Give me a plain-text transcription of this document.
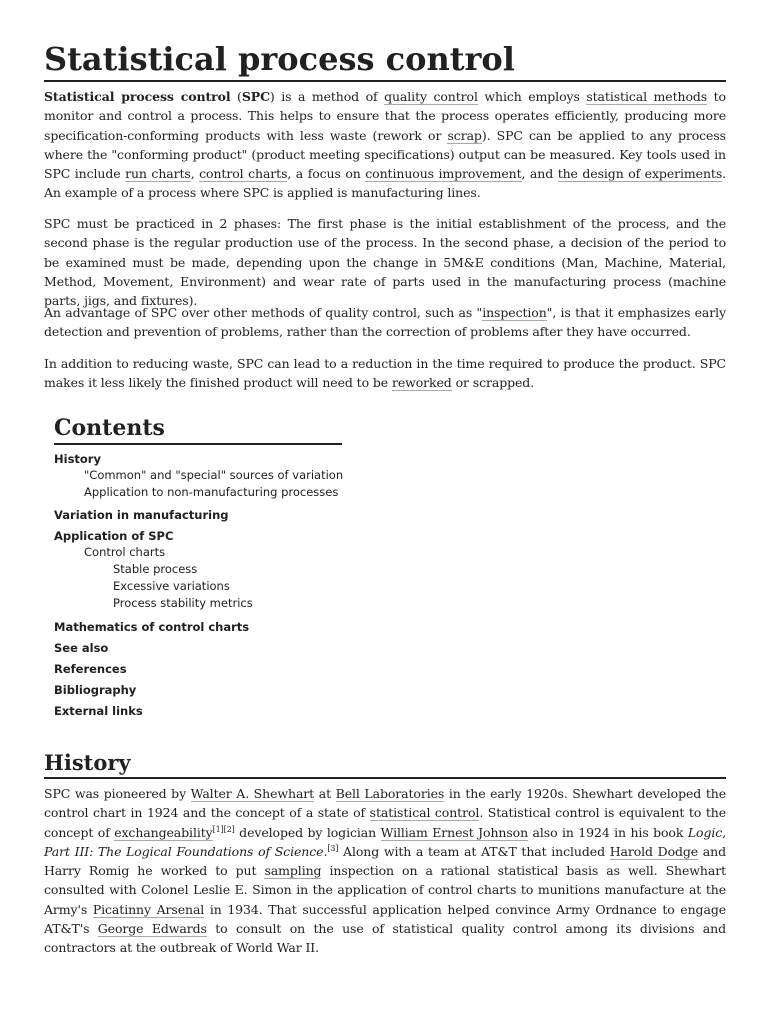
Statistical process control

Statistical process control (SPC) is a method of quality control which employs statistical methods to monitor and control a process. This helps to ensure that the process operates efficiently, producing more specification-conforming products with less waste (rework or scrap). SPC can be applied to any process where the "conforming product" (product meeting specifications) output can be measured. Key tools used in SPC include run charts, control charts, a focus on continuous improvement, and the design of experiments. An example of a process where SPC is applied is manufacturing lines.

SPC must be practiced in 2 phases: The first phase is the initial establishment of the process, and the second phase is the regular production use of the process. In the second phase, a decision of the period to be examined must be made, depending upon the change in 5M&E conditions (Man, Machine, Material, Method, Movement, Environment) and wear rate of parts used in the manufacturing process (machine parts, jigs, and fixtures).

An advantage of SPC over other methods of quality control, such as "inspection", is that it emphasizes early detection and prevention of problems, rather than the correction of problems after they have occurred.

In addition to reducing waste, SPC can lead to a reduction in the time required to produce the product. SPC makes it less likely the finished product will need to be reworked or scrapped.

Contents
History
"Common" and "special" sources of variation
Application to non-manufacturing processes
Variation in manufacturing
Application of SPC
Control charts
Stable process
Excessive variations
Process stability metrics
Mathematics of control charts
See also
References
Bibliography
External links
History

SPC was pioneered by Walter A. Shewhart at Bell Laboratories in the early 1920s. Shewhart developed the control chart in 1924 and the concept of a state of statistical control. Statistical control is equivalent to the concept of exchangeability[1][2] developed by logician William Ernest Johnson also in 1924 in his book Logic, Part III: The Logical Foundations of Science.[3] Along with a team at AT&T that included Harold Dodge and Harry Romig he worked to put sampling inspection on a rational statistical basis as well. Shewhart consulted with Colonel Leslie E. Simon in the application of control charts to munitions manufacture at the Army's Picatinny Arsenal in 1934. That successful application helped convince Army Ordnance to engage AT&T's George Edwards to consult on the use of statistical quality control among its divisions and contractors at the outbreak of World War II.
